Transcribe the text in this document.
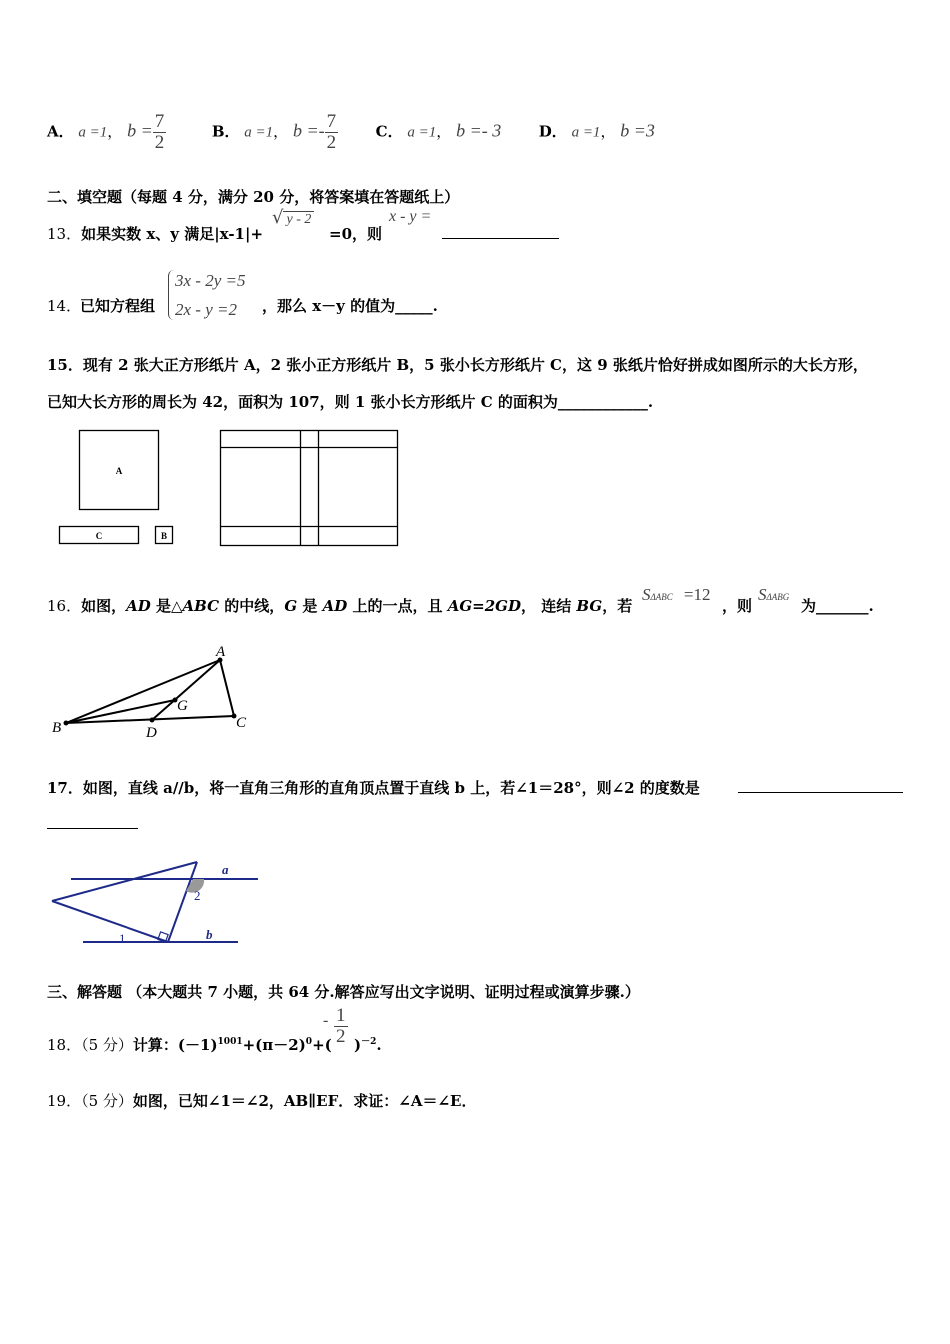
A． a =1， $b = \frac{7}{2}$	B． a =1， $b =- \frac{7}{2}$	C． a =1， b =- 3	D． a =1， b =3
二、填空题（每题 4 分，满分 20 分，将答案填在答题纸上）
13．如果实数 x、y 满足|x-1|+
√ y - 2
=0，则
x - y =
14．
已知方程组
3x - 2y =5
2x - y =2 ，那么 x－y 的值为_____.
15．现有 2 张大正方形纸片 A，2 张小正方形纸片 B，5 张小长方形纸片 C，这 9 张纸片恰好拼成如图所示的大长方形，
已知大长方形的周长为 42，面积为 107，则 1 张小长方形纸片 C 的面积为____________.
A
C	B
16．如图，AD 是△ABC 的中线，G 是 AD 上的一点，且 AG=2GD， 连结 BG，若
SΔABC =12
，则
SΔABG 为_______.
A
B	C
D
G
17．如图，直线 a//b，将一直角三角形的直角顶点置于直线 b 上，若∠1＝28°，则∠2 的度数是
a
b
1
2
三、解答题 （本大题共 7 小题，共 64 分.解答应写出文字说明、证明过程或演算步骤.）
18．（5 分）计算：$(-1)^{1001}+(\pi-2)^0+$(
- $\frac{1}{2} )^{-2}$.
19．（5 分）如图，已知∠1＝∠2，AB∥EF．求证：∠A＝∠E．
